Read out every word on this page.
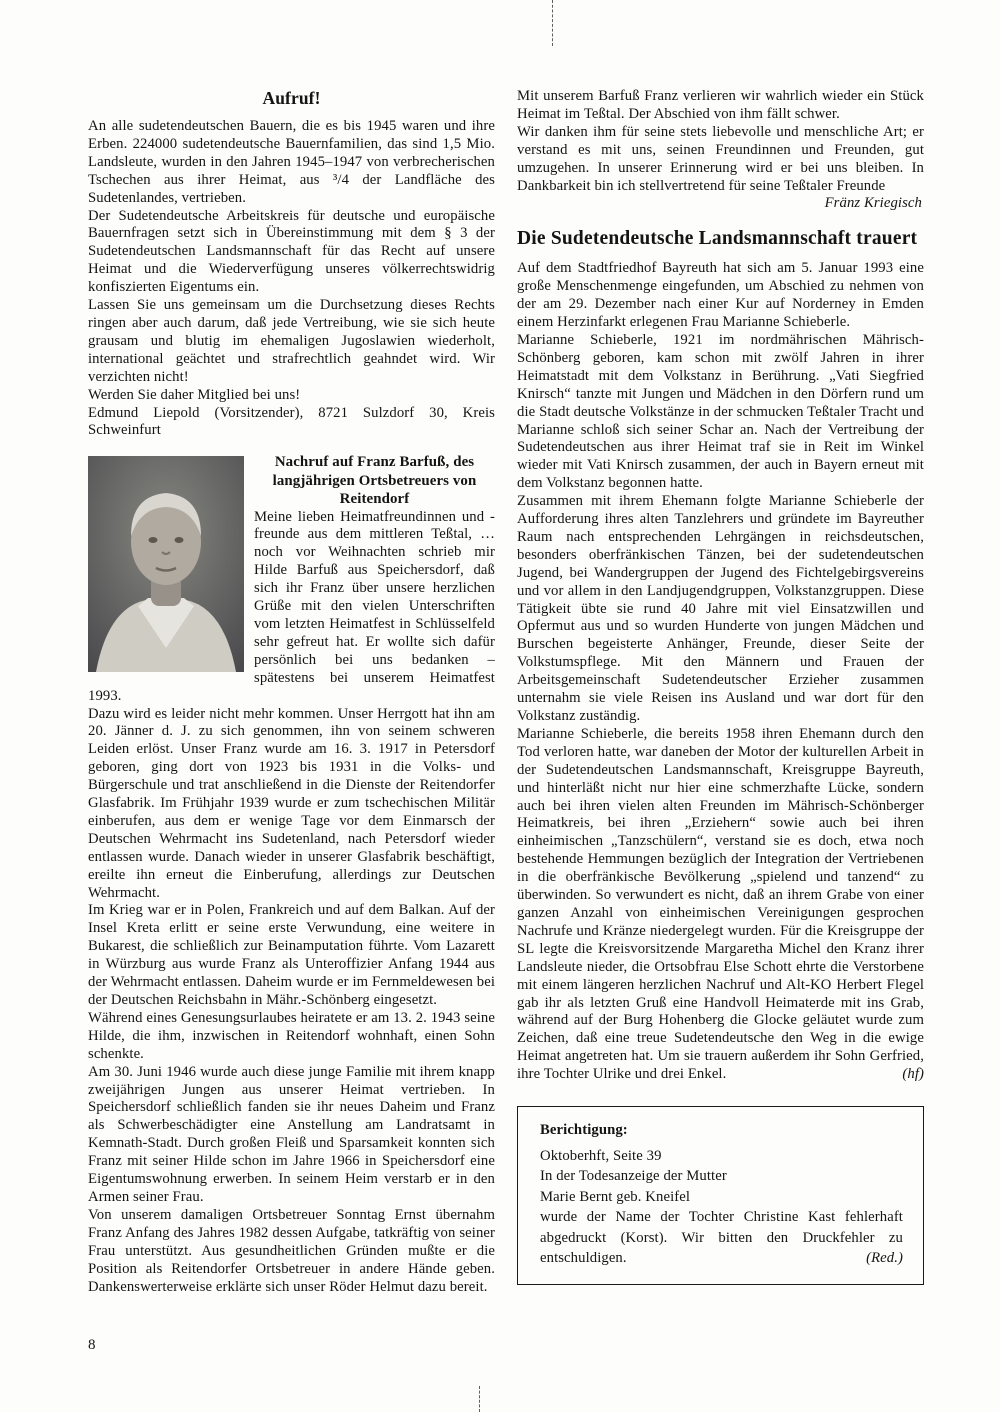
Aufruf!

An alle sudetendeutschen Bauern, die es bis 1945 waren und ihre Erben. 224000 sudetendeutsche Bauernfamilien, das sind 1,5 Mio. Landsleute, wurden in den Jahren 1945–1947 von verbrecherischen Tschechen aus ihrer Heimat, aus ³/4 der Landfläche des Sudetenlandes, vertrieben.

Der Sudetendeutsche Arbeitskreis für deutsche und europäische Bauernfragen setzt sich in Übereinstimmung mit dem § 3 der Sudetendeutschen Landsmannschaft für das Recht auf unsere Heimat und die Wiederverfügung unseres völkerrechtswidrig konfiszierten Eigentums ein.

Lassen Sie uns gemeinsam um die Durchsetzung dieses Rechts ringen aber auch darum, daß jede Vertreibung, wie sie sich heute grausam und blutig im ehemaligen Jugoslawien wiederholt, international geächtet und strafrechtlich geahndet wird. Wir verzichten nicht!

Werden Sie daher Mitglied bei uns!

Edmund Liepold (Vorsitzender), 8721 Sulzdorf 30, Kreis Schweinfurt

Nachruf auf Franz Barfuß, des langjährigen Ortsbetreuers von Reitendorf

Meine lieben Heimatfreundinnen und -freunde aus dem mittleren Teßtal, …noch vor Weihnachten schrieb mir Hilde Barfuß aus Speichersdorf, daß sich ihr Franz über unsere herzlichen Grüße mit den vielen Unterschriften vom letzten Heimatfest in Schlüsselfeld sehr gefreut hat. Er wollte sich dafür persönlich bei uns bedanken – spätestens bei unserem Heimatfest 1993.

Dazu wird es leider nicht mehr kommen. Unser Herrgott hat ihn am 20. Jänner d. J. zu sich genommen, ihn von seinem schweren Leiden erlöst. Unser Franz wurde am 16. 3. 1917 in Petersdorf geboren, ging dort von 1923 bis 1931 in die Volks- und Bürgerschule und trat anschließend in die Dienste der Reitendorfer Glasfabrik. Im Frühjahr 1939 wurde er zum tschechischen Militär einberufen, aus dem er wenige Tage vor dem Einmarsch der Deutschen Wehrmacht ins Sudetenland, nach Petersdorf wieder entlassen wurde. Danach wieder in unserer Glasfabrik beschäftigt, ereilte ihn erneut die Einberufung, allerdings zur Deutschen Wehrmacht.

Im Krieg war er in Polen, Frankreich und auf dem Balkan. Auf der Insel Kreta erlitt er seine erste Verwundung, eine weitere in Bukarest, die schließlich zur Beinamputation führte. Vom Lazarett in Würzburg aus wurde Franz als Unteroffizier Anfang 1944 aus der Wehrmacht entlassen. Daheim wurde er im Fernmeldewesen bei der Deutschen Reichsbahn in Mähr.-Schönberg eingesetzt.

Während eines Genesungsurlaubes heiratete er am 13. 2. 1943 seine Hilde, die ihm, inzwischen in Reitendorf wohnhaft, einen Sohn schenkte.

Am 30. Juni 1946 wurde auch diese junge Familie mit ihrem knapp zweijährigen Jungen aus unserer Heimat vertrieben. In Speichersdorf schließlich fanden sie ihr neues Daheim und Franz als Schwerbeschädigter eine Anstellung am Landratsamt in Kemnath-Stadt. Durch großen Fleiß und Sparsamkeit konnten sich Franz mit seiner Hilde schon im Jahre 1966 in Speichersdorf eine Eigentumswohnung erwerben. In seinem Heim verstarb er in den Armen seiner Frau.

Von unserem damaligen Ortsbetreuer Sonntag Ernst übernahm Franz Anfang des Jahres 1982 dessen Aufgabe, tatkräftig von seiner Frau unterstützt. Aus gesundheitlichen Gründen mußte er die Position als Reitendorfer Ortsbetreuer in andere Hände geben. Dankenswerterweise erklärte sich unser Röder Helmut dazu bereit.

Mit unserem Barfuß Franz verlieren wir wahrlich wieder ein Stück Heimat im Teßtal. Der Abschied von ihm fällt schwer.

Wir danken ihm für seine stets liebevolle und menschliche Art; er verstand es mit uns, seinen Freundinnen und Freunden, gut umzugehen. In unserer Erinnerung wird er bei uns bleiben. In Dankbarkeit bin ich stellvertretend für seine Teßtaler Freunde

Fränz Kriegisch

Die Sudetendeutsche Landsmannschaft trauert

Auf dem Stadtfriedhof Bayreuth hat sich am 5. Januar 1993 eine große Menschenmenge eingefunden, um Abschied zu nehmen von der am 29. Dezember nach einer Kur auf Norderney in Emden einem Herzinfarkt erlegenen Frau Marianne Schieberle.

Marianne Schieberle, 1921 im nordmährischen Mährisch-Schönberg geboren, kam schon mit zwölf Jahren in ihrer Heimatstadt mit dem Volkstanz in Berührung. „Vati Siegfried Knirsch“ tanzte mit Jungen und Mädchen in den Dörfern rund um die Stadt deutsche Volkstänze in der schmucken Teßtaler Tracht und Marianne schloß sich seiner Schar an. Nach der Vertreibung der Sudetendeutschen aus ihrer Heimat traf sie in Reit im Winkel wieder mit Vati Knirsch zusammen, der auch in Bayern erneut mit dem Volkstanz begonnen hatte.

Zusammen mit ihrem Ehemann folgte Marianne Schieberle der Aufforderung ihres alten Tanzlehrers und gründete im Bayreuther Raum nach entsprechenden Lehrgängen in reichsdeutschen, besonders oberfränkischen Tänzen, bei der sudetendeutschen Jugend, bei Wandergruppen der Jugend des Fichtelgebirgsvereins und vor allem in den Landjugendgruppen, Volkstanzgruppen. Diese Tätigkeit übte sie rund 40 Jahre mit viel Einsatzwillen und Opfermut aus und so wurden Hunderte von jungen Mädchen und Burschen begeisterte Anhänger, Freunde, dieser Seite der Volkstumspflege. Mit den Männern und Frauen der Arbeitsgemeinschaft Sudetendeutscher Erzieher zusammen unternahm sie viele Reisen ins Ausland und war dort für den Volkstanz zuständig.

Marianne Schieberle, die bereits 1958 ihren Ehemann durch den Tod verloren hatte, war daneben der Motor der kulturellen Arbeit in der Sudetendeutschen Landsmannschaft, Kreisgruppe Bayreuth, und hinterläßt nicht nur hier eine schmerzhafte Lücke, sondern auch bei ihren vielen alten Freunden im Mährisch-Schönberger Heimatkreis, bei ihren „Erziehern“ sowie auch bei ihren einheimischen „Tanzschülern“, verstand sie es doch, etwa noch bestehende Hemmungen bezüglich der Integration der Vertriebenen in die oberfränkische Bevölkerung „spielend und tanzend“ zu überwinden. So verwundert es nicht, daß an ihrem Grabe von einer ganzen Anzahl von einheimischen Vereinigungen gesprochen Nachrufe und Kränze niedergelegt wurden. Für die Kreisgruppe der SL legte die Kreisvorsitzende Margaretha Michel den Kranz ihrer Landsleute nieder, die Ortsobfrau Else Schott ehrte die Verstorbene mit einem längeren herzlichen Nachruf und Alt-KO Herbert Flegel gab ihr als letzten Gruß eine Handvoll Heimaterde mit ins Grab, während auf der Burg Hohenberg die Glocke geläutet wurde zum Zeichen, daß eine treue Sudetendeutsche den Weg in die ewige Heimat angetreten hat. Um sie trauern außerdem ihr Sohn Gerfried, ihre Tochter Ulrike und drei Enkel.	(hf)

Berichtigung:

Oktoberhft, Seite 39

In der Todesanzeige der Mutter

Marie Bernt geb. Kneifel

wurde der Name der Tochter Christine Kast fehlerhaft abgedruckt (Korst). Wir bitten den Druckfehler zu entschuldigen.	(Red.)

8
